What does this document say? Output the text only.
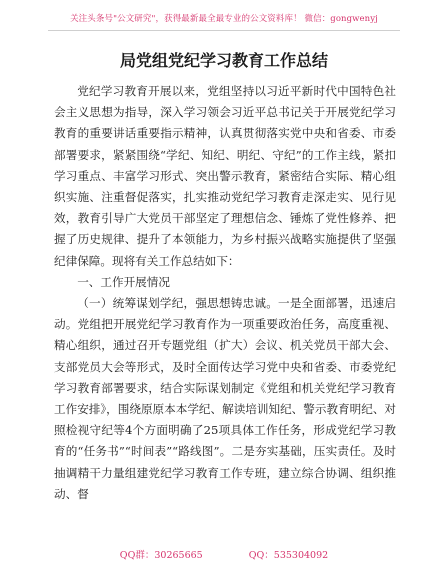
关注头条号"公文研究"，获得最新最全最专业的公文资料库！ 微信：gongwenyj
局党组党纪学习教育工作总结

党纪学习教育开展以来，党组坚持以习近平新时代中国特色社会主义思想为指导，深入学习领会习近平总书记关于开展党纪学习教育的重要讲话重要指示精神，认真贯彻落实党中央和省委、市委部署要求，紧紧围绕“学纪、知纪、明纪、守纪”的工作主线，紧扣学习重点、丰富学习形式、突出警示教育，紧密结合实际、精心组织实施、注重督促落实，扎实推动党纪学习教育走深走实、见行见效，教育引导广大党员干部坚定了理想信念、锤炼了党性修养、把握了历史规律、提升了本领能力，为乡村振兴战略实施提供了坚强纪律保障。现将有关工作总结如下：

一、工作开展情况

（一）统筹谋划学纪，强思想铸忠诚。一是全面部署，迅速启动。党组把开展党纪学习教育作为一项重要政治任务，高度重视、精心组织，通过召开专题党组（扩大）会议、机关党员干部大会、支部党员大会等形式，及时全面传达学习党中央和省委、市委党纪学习教育部署要求，结合实际谋划制定《党组和机关党纪学习教育工作安排》，围绕原原本本学纪、解读培训知纪、警示教育明纪、对照检视守纪等4个方面明确了25项具体工作任务，形成党纪学习教育的“任务书”“时间表”“路线图”。二是夯实基础，压实责任。及时抽调精干力量组建党纪学习教育工作专班，建立综合协调、组织推动、督

QQ群：30265665	QQ：535304092
